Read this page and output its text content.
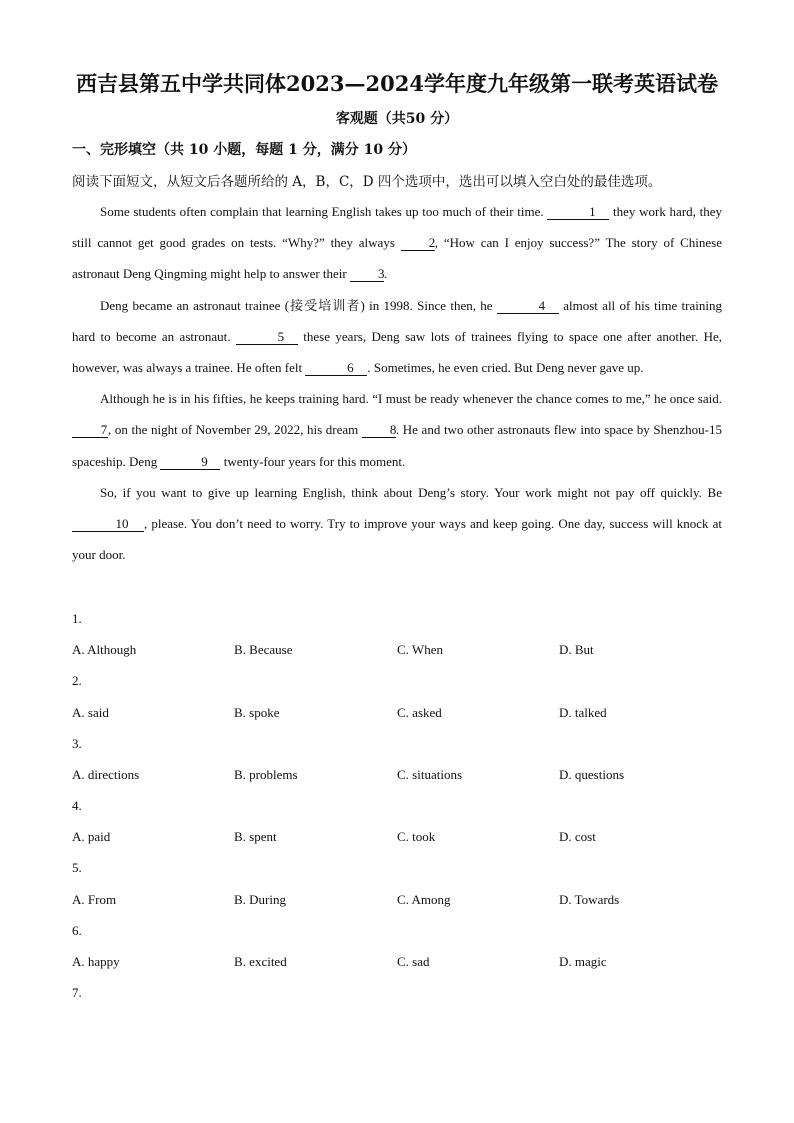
西吉县第五中学共同体2023—2024学年度九年级第一联考英语试卷
客观题（共50 分）
一、完形填空（共 10 小题，每题 1 分，满分 10 分）
阅读下面短文，从短文后各题所给的 A，B，C，D 四个选项中，选出可以填入空白处的最佳选项。

Some students often complain that learning English takes up too much of their time.	1 they work hard, they still cannot get good grades on tests. “Why?” they always 2, “How can I enjoy success?” The story of Chinese astronaut Deng Qingming might help to answer their 3.

Deng became an astronaut trainee (接受培训者) in 1998. Since then, he	4 almost all of his time training hard to become an astronaut.	5 these years, Deng saw lots of trainees flying to space one after another. He, however, was always a trainee. He often felt	6 . Sometimes, he even cried. But Deng never gave up.

Although he is in his fifties, he keeps training hard. “I must be ready whenever the chance comes to me,” he once said. 7, on the night of November 29, 2022, his dream 8. He and two other astronauts flew into space by Shenzhou-15 spaceship. Deng	9 twenty-four years for this moment.

So, if you want to give up learning English, think about Deng’s story. Your work might not pay off quickly. Be 10 , please. You don’t need to worry. Try to improve your ways and keep going. One day, success will knock at your door.

1.
A. Although	B. Because	C. When	D. But
2.
A. said	B. spoke	C. asked	D. talked
3.
A. directions	B. problems	C. situations	D. questions
4.
A. paid	B. spent	C. took	D. cost
5.
A. From	B. During	C. Among	D. Towards
6.
A. happy	B. excited	C. sad	D. magic
7.
